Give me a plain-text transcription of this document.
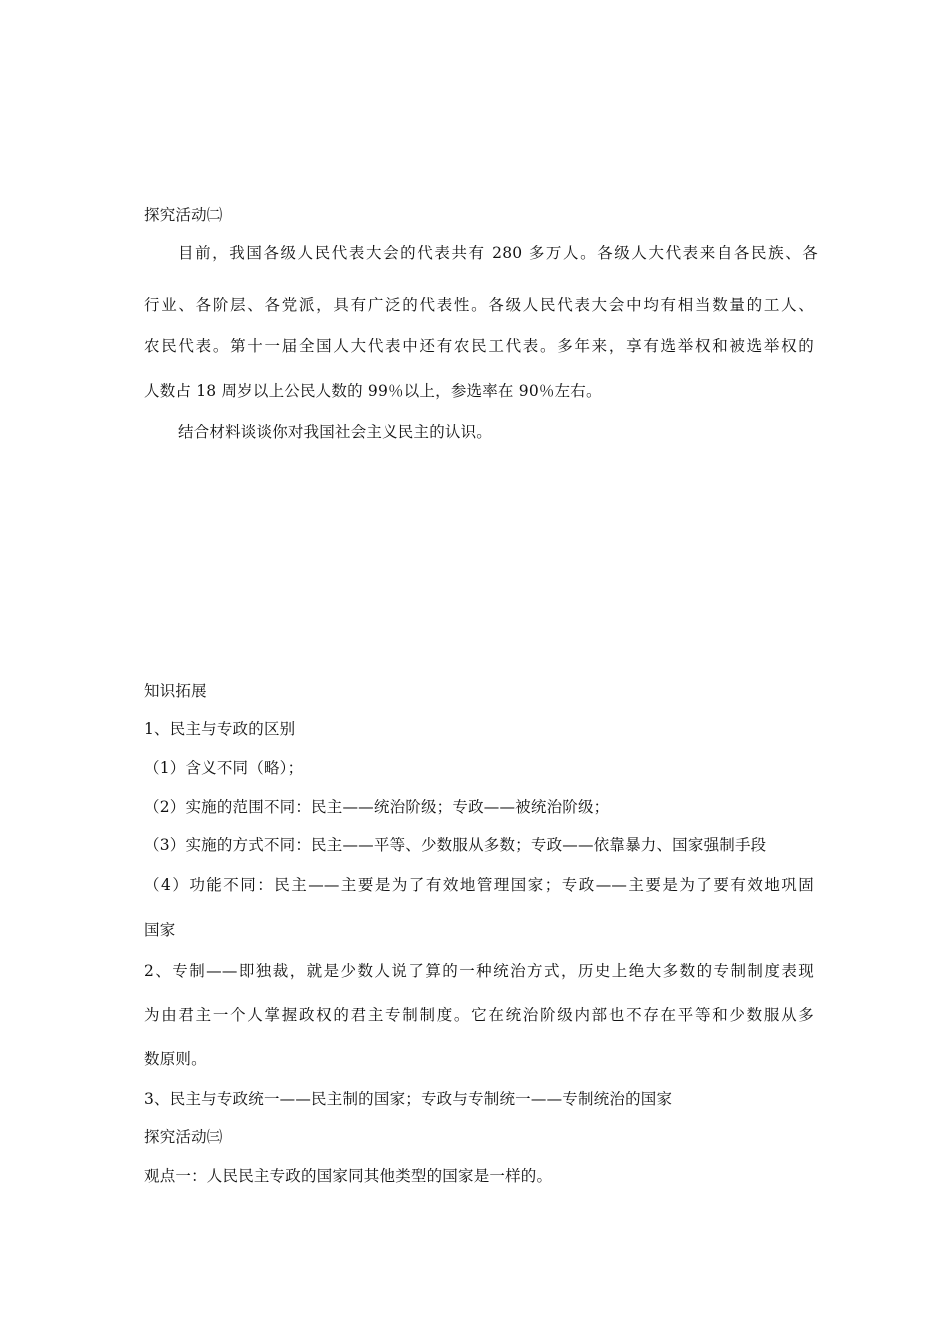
探究活动㈡
目前，我国各级人民代表大会的代表共有 280 多万人。各级人大代表来自各民族、各
行业、各阶层、各党派，具有广泛的代表性。各级人民代表大会中均有相当数量的工人、
农民代表。第十一届全国人大代表中还有农民工代表。多年来，享有选举权和被选举权的
人数占 18 周岁以上公民人数的 99％以上，参选率在 90％左右。
结合材料谈谈你对我国社会主义民主的认识。
知识拓展
1、民主与专政的区别
（1）含义不同（略）；
（2）实施的范围不同：民主——统治阶级；专政——被统治阶级；
（3）实施的方式不同：民主——平等、少数服从多数；专政——依靠暴力、国家强制手段
（4）功能不同：民主——主要是为了有效地管理国家；专政——主要是为了要有效地巩固
国家
2、专制——即独裁，就是少数人说了算的一种统治方式，历史上绝大多数的专制制度表现
为由君主一个人掌握政权的君主专制制度。它在统治阶级内部也不存在平等和少数服从多
数原则。
3、民主与专政统一——民主制的国家；专政与专制统一——专制统治的国家
探究活动㈢
观点一：人民民主专政的国家同其他类型的国家是一样的。
